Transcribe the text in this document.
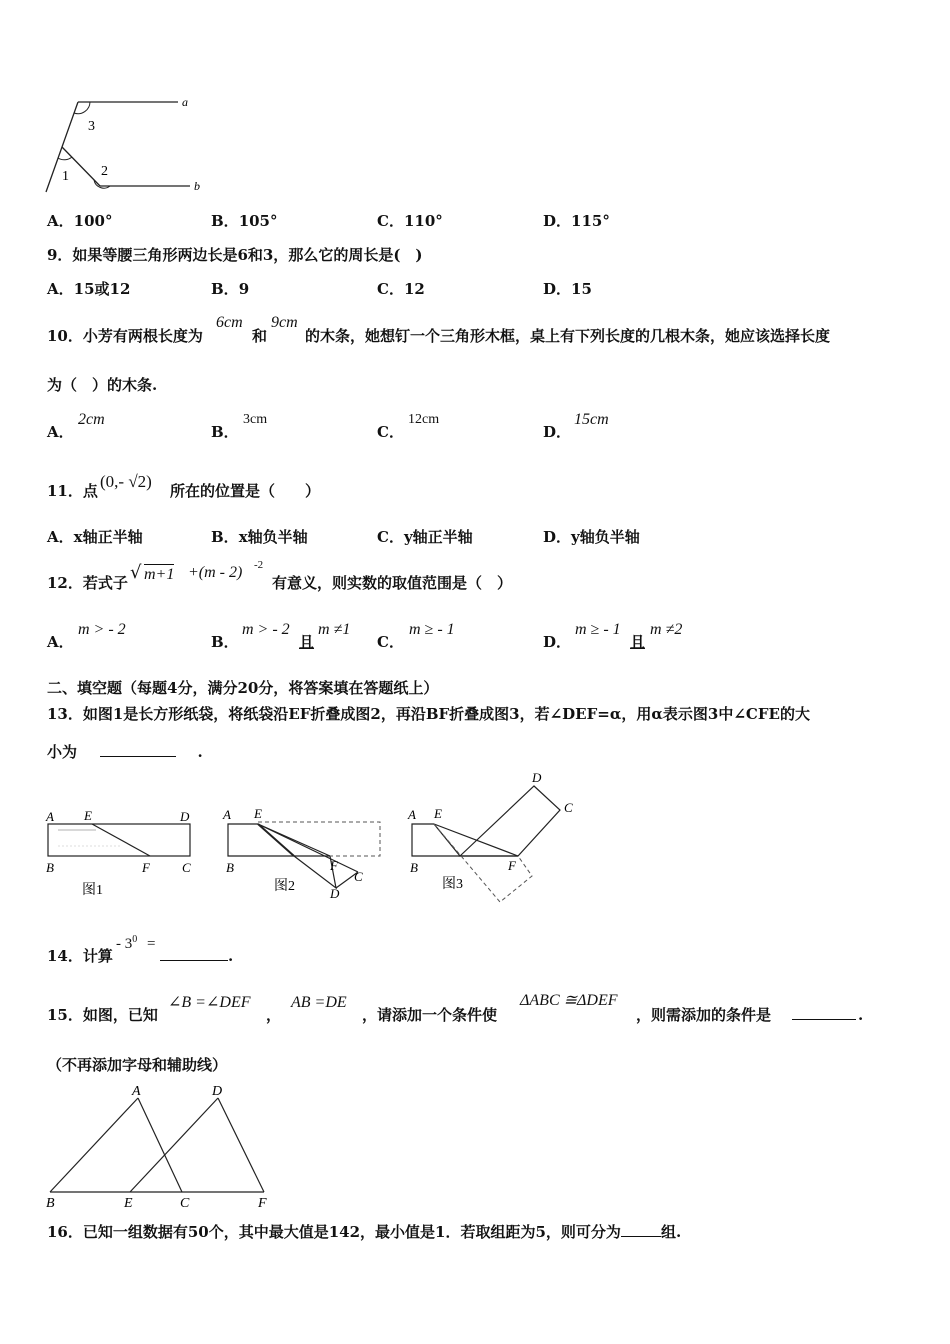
a
b
3
1 2
A．100°	B．105°	C．110°	D．115°
9．如果等腰三角形两边长是6和3，那么它的周长是(　)
A．15或12	B．9	C．12	D．15
10．小芳有两根长度为
6cm
和
9cm
的木条，她想钉一个三角形木框，桌上有下列长度的几根木条，她应该选择长度
为（　）的木条.
A．
2cm
B．
3cm
C．
12cm
D．
15cm
11．点 (0,- √2) 所在的位置是（　　）
A．x轴正半轴	B．x轴负半轴	C．y轴正半轴	D．y轴负半轴
12．若式子 √ m+1 +(m - 2) -2
有意义，则实数的取值范围是（　）
A．
m > - 2
B．
m > - 2
且
m ≠1
C．
m ≥ - 1
D．
m ≥ - 1
且
m ≠2
二、填空题（每题4分，满分20分，将答案填在答题纸上）
13．如图1是长方形纸袋，将纸袋沿EF折叠成图2，再沿BF折叠成图3，若∠DEF=α，用α表示图3中∠CFE的大
小为	.
A E	D
B	F C
图1
A E
B	F
C
D
图2
A E
D
C
B	F
图3
14．计算
- $3^0$ =
.
15．如图，已知
∠B =∠DEF
，
AB =DE
，请添加一个条件使
ΔABC ≅ΔDEF
，则需添加的条件是	.
（不再添加字母和辅助线）
A	D
B	E	C	F
16．已知一组数据有50个，其中最大值是142，最小值是1．若取组距为5，则可分为	组.
